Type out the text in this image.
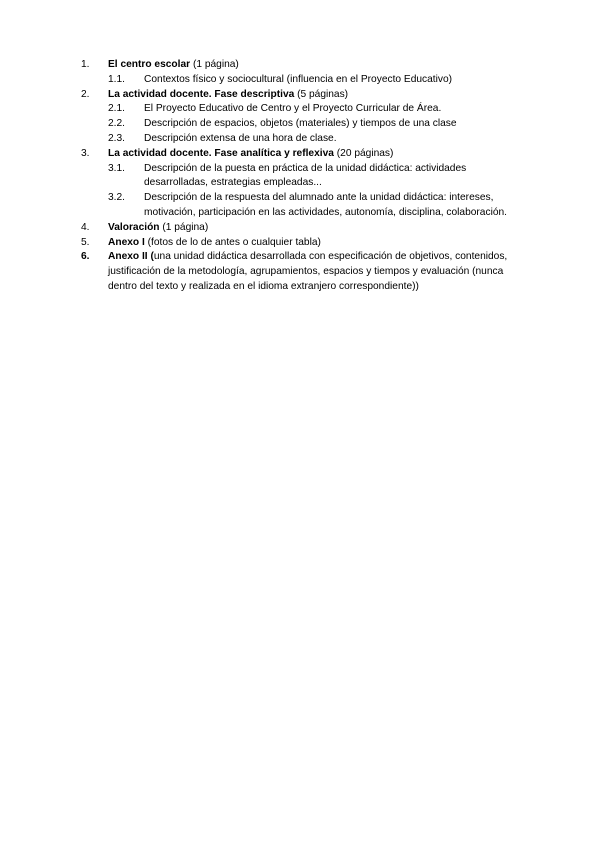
1.	El centro escolar (1 página)
1.1.	Contextos físico y sociocultural (influencia en el Proyecto Educativo)
2.	La actividad docente. Fase descriptiva (5 páginas)
2.1.	El Proyecto Educativo de Centro y el Proyecto Curricular de Área.
2.2.	Descripción de espacios, objetos (materiales) y tiempos de una clase
2.3.	Descripción extensa de una hora de clase.
3.	La actividad docente. Fase analítica y reflexiva (20 páginas)
3.1.	Descripción de la puesta en práctica de la unidad didáctica: actividades desarrolladas, estrategias empleadas...
3.2.	Descripción de la respuesta del alumnado ante la unidad didáctica: intereses, motivación, participación en las actividades, autonomía, disciplina, colaboración.
4.	Valoración (1 página)
5.	Anexo I (fotos de lo de antes o cualquier tabla)
6.	Anexo II (una unidad didáctica desarrollada con especificación de objetivos, contenidos, justificación de la metodología, agrupamientos, espacios y tiempos y evaluación (nunca dentro del texto y realizada en el idioma extranjero correspondiente))
